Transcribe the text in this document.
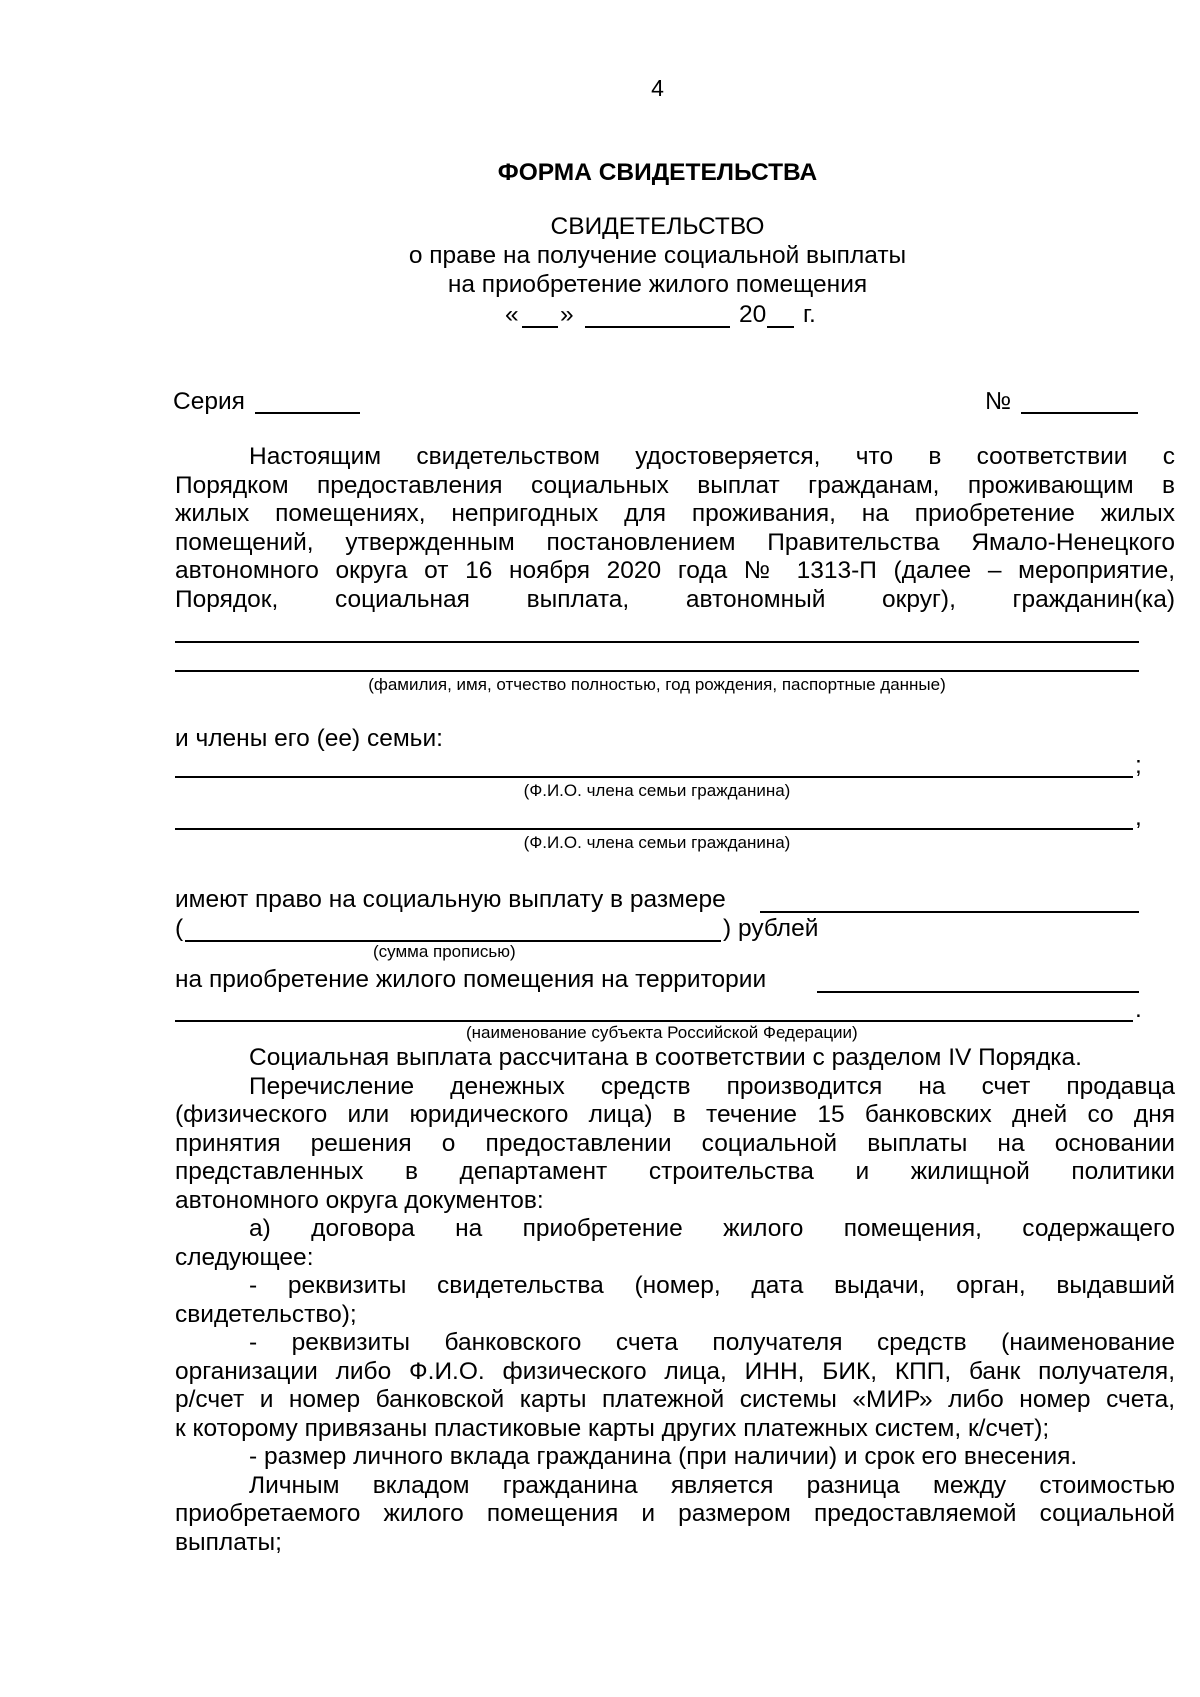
4
ФОРМА СВИДЕТЕЛЬСТВА
СВИДЕТЕЛЬСТВО
о праве на получение социальной выплаты
на приобретение жилого помещения
« »	20 г.
Серия	№
Настоящим свидетельством удостоверяется, что в соответствии с
Порядком предоставления социальных выплат гражданам, проживающим в
жилых помещениях, непригодных для проживания, на приобретение жилых
помещений, утвержденным постановлением Правительства Ямало-Ненецкого
автономного округа от 16 ноября 2020 года № 1313-П (далее – мероприятие,
Порядок, социальная выплата, автономный округ), гражданин(ка)
(фамилия, имя, отчество полностью, год рождения, паспортные данные)
и члены его (ее) семьи:
;
(Ф.И.О. члена семьи гражданина)
,
(Ф.И.О. члена семьи гражданина)
имеют право на социальную выплату в размере
(	) рублей
(сумма прописью)
на приобретение жилого помещения на территории
.
(наименование субъекта Российской Федерации)
Социальная выплата рассчитана в соответствии с разделом IV Порядка.
Перечисление денежных средств производится на счет продавца
(физического или юридического лица) в течение 15 банковских дней со дня
принятия решения о предоставлении социальной выплаты на основании
представленных в департамент строительства и жилищной политики
автономного округа документов:
а) договора на приобретение жилого помещения, содержащего
следующее:
- реквизиты свидетельства (номер, дата выдачи, орган, выдавший
свидетельство);
- реквизиты банковского счета получателя средств (наименование
организации либо Ф.И.О. физического лица, ИНН, БИК, КПП, банк получателя,
р/счет и номер банковской карты платежной системы «МИР» либо номер счета,
к которому привязаны пластиковые карты других платежных систем, к/счет);
- размер личного вклада гражданина (при наличии) и срок его внесения.
Личным вкладом гражданина является разница между стоимостью
приобретаемого жилого помещения и размером предоставляемой социальной
выплаты;
